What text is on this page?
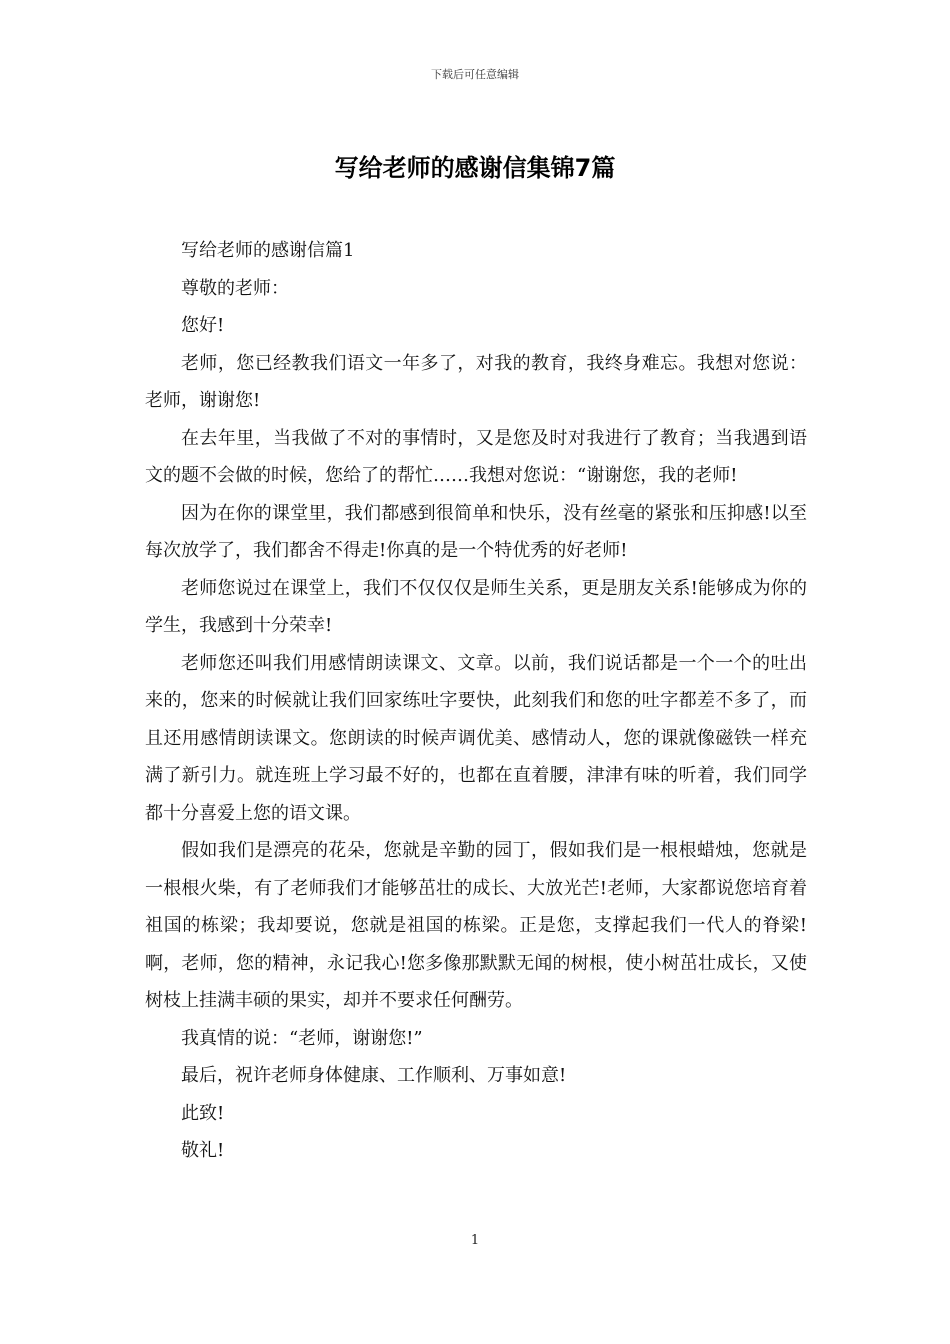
下载后可任意编辑
写给老师的感谢信集锦7篇

写给老师的感谢信篇1

尊敬的老师：

您好!

老师，您已经教我们语文一年多了，对我的教育，我终身难忘。我想对您说：老师，谢谢您!

在去年里，当我做了不对的事情时，又是您及时对我进行了教育；当我遇到语文的题不会做的时候，您给了的帮忙……我想对您说：“谢谢您，我的老师!

因为在你的课堂里，我们都感到很简单和快乐，没有丝毫的紧张和压抑感!以至每次放学了，我们都舍不得走!你真的是一个特优秀的好老师!

老师您说过在课堂上，我们不仅仅仅是师生关系，更是朋友关系!能够成为你的学生，我感到十分荣幸!

老师您还叫我们用感情朗读课文、文章。以前，我们说话都是一个一个的吐出来的，您来的时候就让我们回家练吐字要快，此刻我们和您的吐字都差不多了，而且还用感情朗读课文。您朗读的时候声调优美、感情动人，您的课就像磁铁一样充满了新引力。就连班上学习最不好的，也都在直着腰，津津有味的听着，我们同学都十分喜爱上您的语文课。

假如我们是漂亮的花朵，您就是辛勤的园丁，假如我们是一根根蜡烛，您就是一根根火柴，有了老师我们才能够茁壮的成长、大放光芒!老师，大家都说您培育着祖国的栋梁；我却要说，您就是祖国的栋梁。正是您，支撑起我们一代人的脊梁!啊，老师，您的精神，永记我心!您多像那默默无闻的树根，使小树茁壮成长，又使树枝上挂满丰硕的果实，却并不要求任何酬劳。

我真情的说：“老师，谢谢您!”

最后，祝许老师身体健康、工作顺利、万事如意!

此致!

敬礼!

1
